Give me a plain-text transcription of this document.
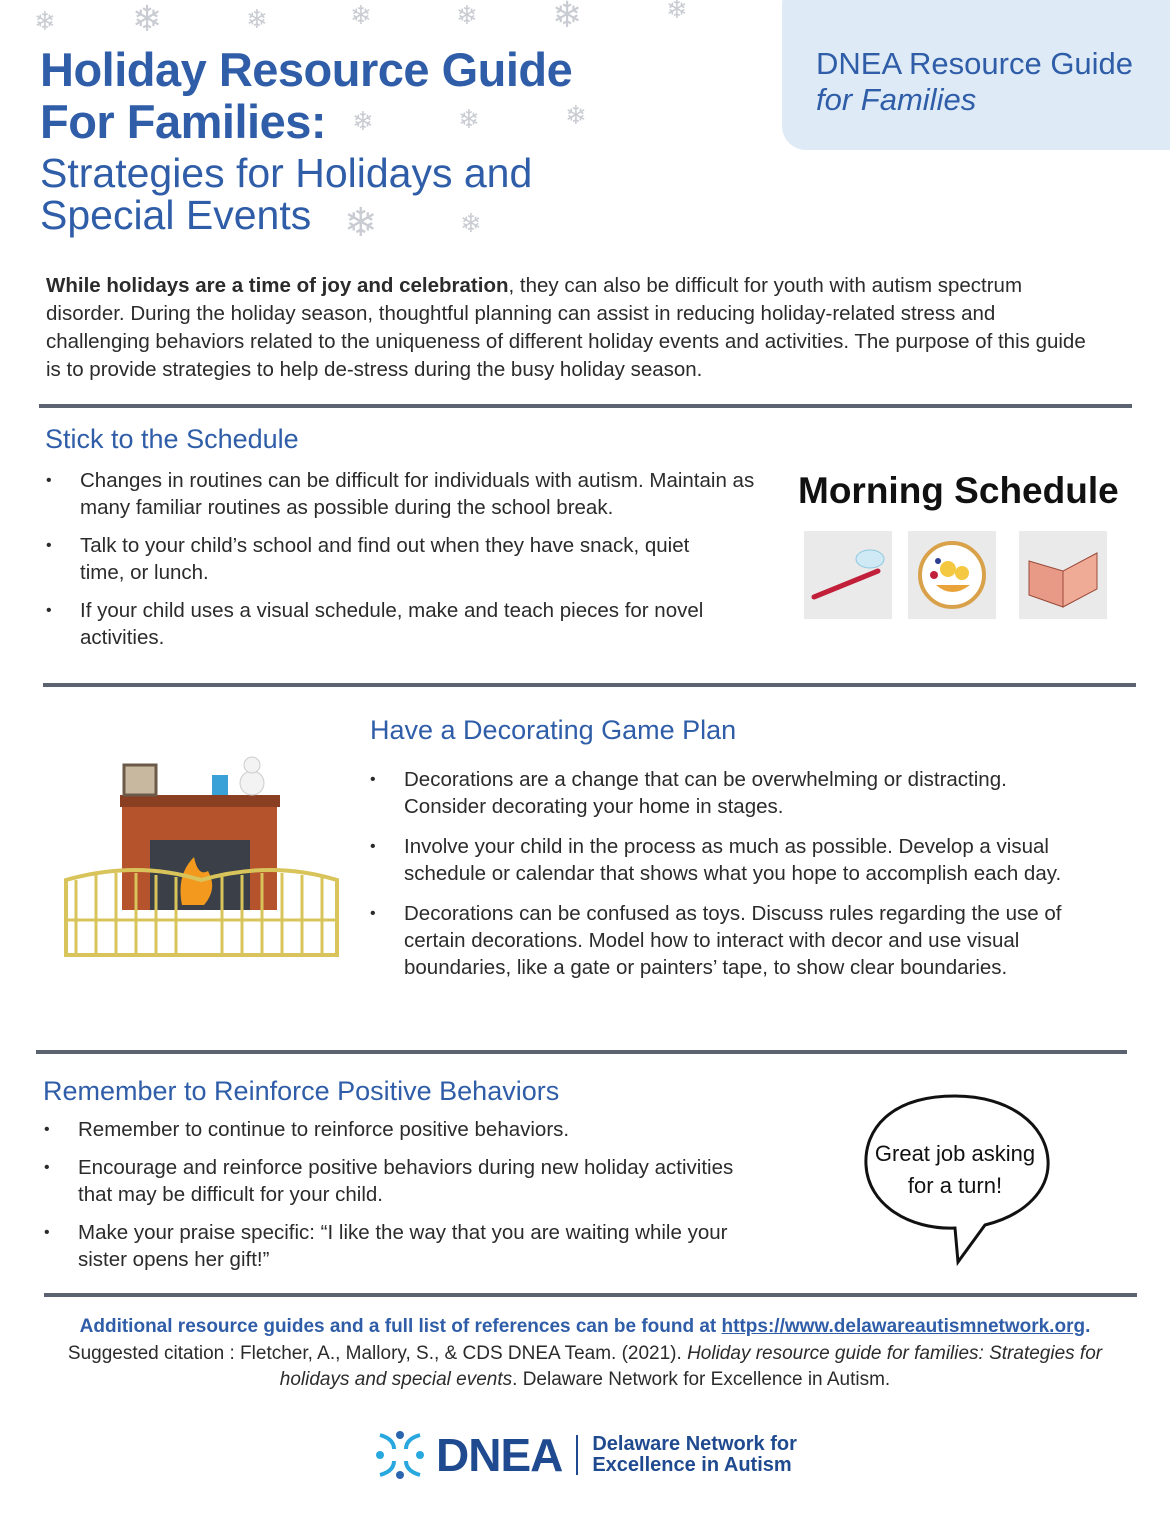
DNEA Resource Guide
for Families
❄ ❄	❄	❄	❄ ❄	❄
❄
❄
❄
❄	❄
Holiday Resource Guide
For Families:
Strategies for Holidays and
Special Events
While holidays are a time of joy and celebration, they can also be difficult for youth with autism spectrum disorder. During the holiday season, thoughtful planning can assist in reducing holiday-related stress and challenging behaviors related to the uniqueness of different holiday events and activities. The purpose of this guide is to provide strategies to help de-stress during the busy holiday season.
Stick to the Schedule
• Changes in routines can be difficult for individuals with autism. Maintain as many familiar routines as possible during the school break.
• Talk to your child’s school and find out when they have snack, quiet time, or lunch.
• If your child uses a visual schedule, make and teach pieces for novel activities.
Morning Schedule
Have a Decorating Game Plan
• Decorations are a change that can be overwhelming or distracting. Consider decorating your home in stages.
• Involve your child in the process as much as possible. Develop a visual schedule or calendar that shows what you hope to accomplish each day.
• Decorations can be confused as toys. Discuss rules regarding the use of certain decorations. Model how to interact with decor and use visual boundaries, like a gate or painters’ tape, to show clear boundaries.
Remember to Reinforce Positive Behaviors
• Remember to continue to reinforce positive behaviors.
• Encourage and reinforce positive behaviors during new holiday activities that may be difficult for your child.
• Make your praise specific: “I like the way that you are waiting while your sister opens her gift!”
Great job asking
for a turn!
Additional resource guides and a full list of references can be found at https://www.delawareautismnetwork.org.
Suggested citation : Fletcher, A., Mallory, S., & CDS DNEA Team. (2021). Holiday resource guide for families: Strategies for holidays and special events. Delaware Network for Excellence in Autism.
DNEA Delaware Network for
Excellence in Autism
